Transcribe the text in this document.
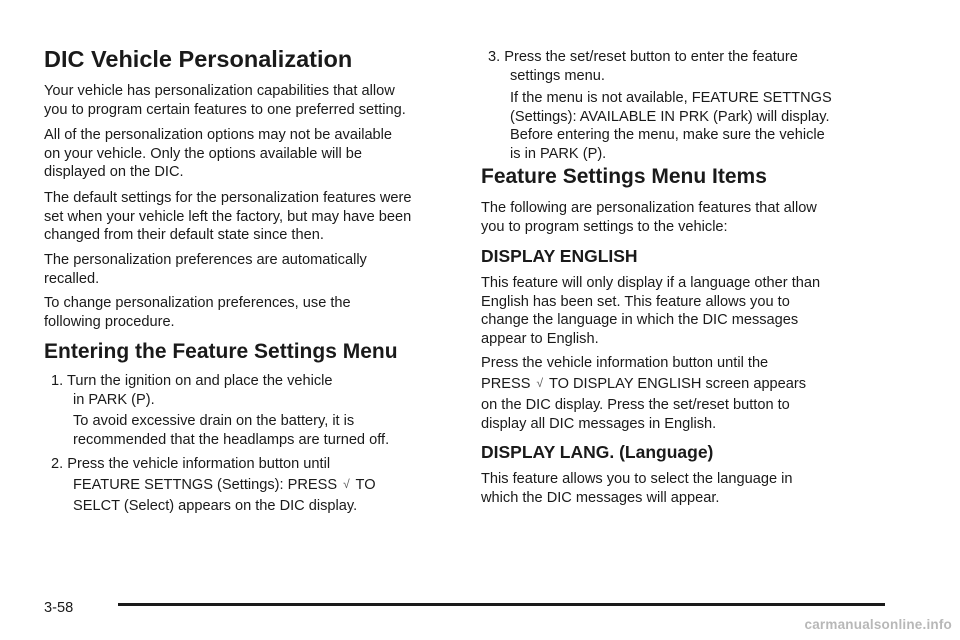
DIC Vehicle Personalization
Your vehicle has personalization capabilities that allow
you to program certain features to one preferred setting.
All of the personalization options may not be available
on your vehicle. Only the options available will be
displayed on the DIC.
The default settings for the personalization features were
set when your vehicle left the factory, but may have been
changed from their default state since then.
The personalization preferences are automatically
recalled.
To change personalization preferences, use the
following procedure.
Entering the Feature Settings Menu
1. Turn the ignition on and place the vehicle
in PARK (P).
To avoid excessive drain on the battery, it is
recommended that the headlamps are turned off.
2. Press the vehicle information button until
FEATURE SETTNGS (Settings): PRESS √ TO
SELCT (Select) appears on the DIC display.
3. Press the set/reset button to enter the feature
settings menu.
If the menu is not available, FEATURE SETTNGS
(Settings): AVAILABLE IN PRK (Park) will display.
Before entering the menu, make sure the vehicle
is in PARK (P).
Feature Settings Menu Items
The following are personalization features that allow
you to program settings to the vehicle:
DISPLAY ENGLISH
This feature will only display if a language other than
English has been set. This feature allows you to
change the language in which the DIC messages
appear to English.
Press the vehicle information button until the
PRESS √ TO DISPLAY ENGLISH screen appears
on the DIC display. Press the set/reset button to
display all DIC messages in English.
DISPLAY LANG. (Language)
This feature allows you to select the language in
which the DIC messages will appear.
3-58
carmanualsonline.info
